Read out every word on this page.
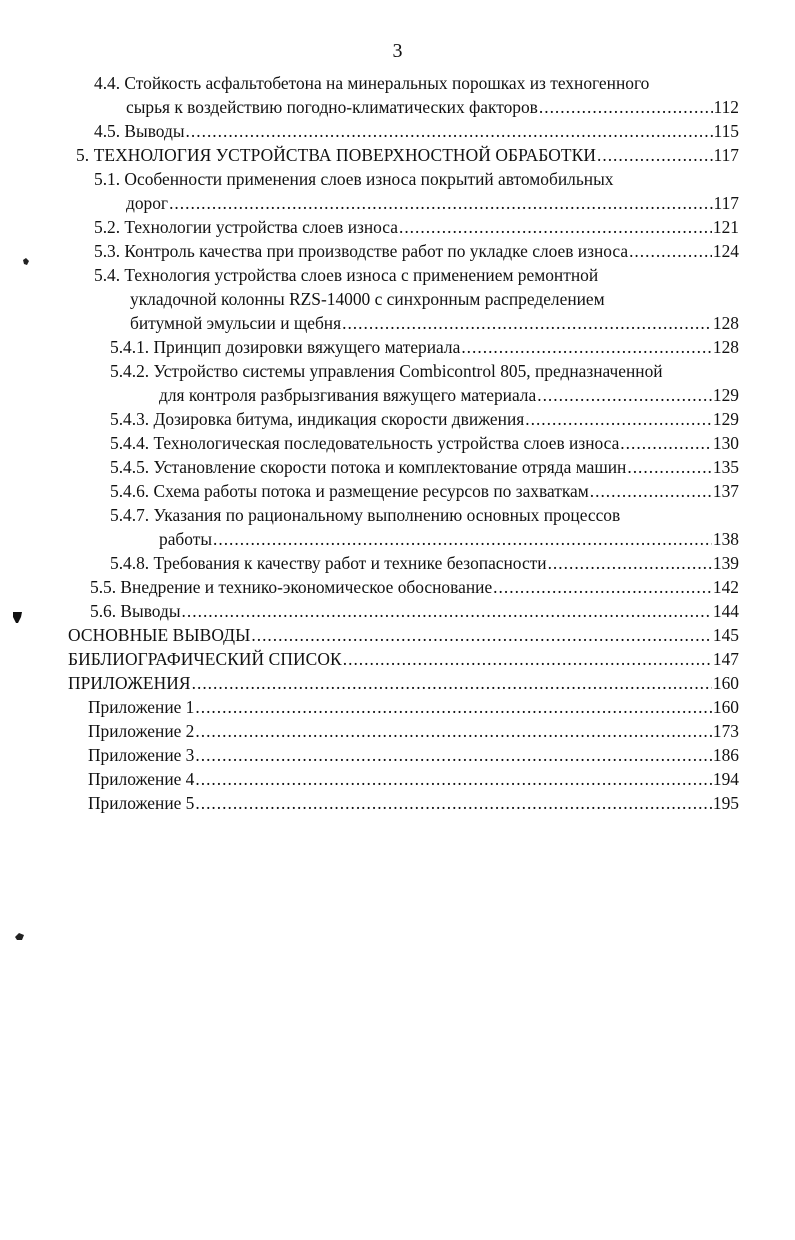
3
4.4. Стойкость асфальтобетона на минеральных порошках из техногенного
сырья к воздействию погодно-климатических факторов .....	112
4.5. Выводы .....	115
5. ТЕХНОЛОГИЯ УСТРОЙСТВА ПОВЕРХНОСТНОЙ ОБРАБОТКИ .....	117
5.1. Особенности применения слоев износа покрытий автомобильных
дорог .....	117
5.2. Технологии устройства слоев износа .....	121
5.3. Контроль качества при производстве работ по укладке слоев износа .....	124
5.4. Технология устройства слоев износа с применением ремонтной
укладочной колонны RZS-14000 с синхронным распределением
битумной эмульсии и щебня .....	128
5.4.1. Принцип дозировки вяжущего материала .....	128
5.4.2. Устройство системы управления Combicontrol 805, предназначенной
для контроля разбрызгивания вяжущего материала .....	129
5.4.3. Дозировка битума, индикация скорости движения .....	129
5.4.4. Технологическая последовательность устройства слоев износа .....	130
5.4.5. Установление скорости потока и комплектование отряда машин .....	135
5.4.6. Схема работы потока и размещение ресурсов по захваткам .....	137
5.4.7. Указания по рациональному выполнению основных процессов
работы .....	138
5.4.8. Требования к качеству работ и технике безопасности .....	139
5.5. Внедрение и технико-экономическое обоснование .....	142
5.6. Выводы .....	144
ОСНОВНЫЕ ВЫВОДЫ .....	145
БИБЛИОГРАФИЧЕСКИЙ СПИСОК .....	147
ПРИЛОЖЕНИЯ .....	160
Приложение 1 .....	160
Приложение 2 .....	173
Приложение 3 .....	186
Приложение 4 .....	194
Приложение 5 .....	195
